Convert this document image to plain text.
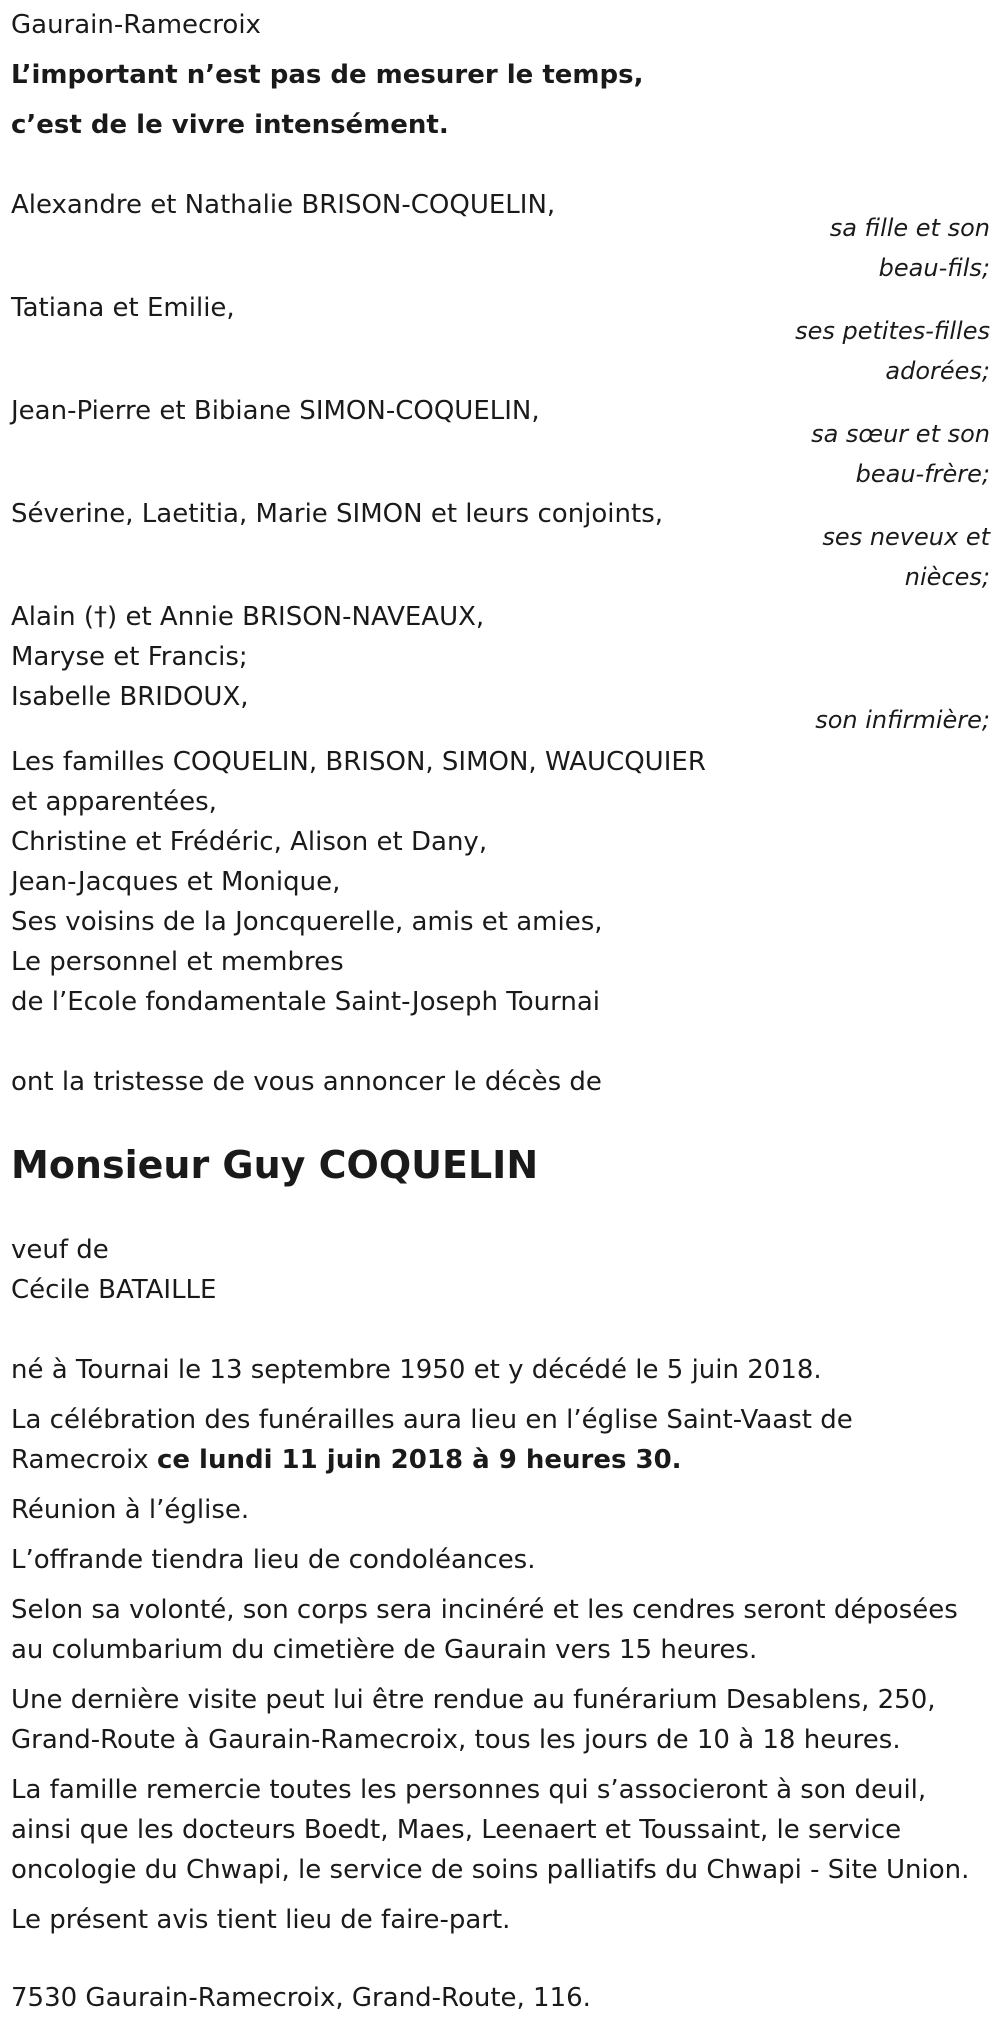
Gaurain-Ramecroix
L’important n’est pas de mesurer le temps,
c’est de le vivre intensément.
Alexandre et Nathalie BRISON-COQUELIN,
sa fille et son
beau-fils;
Tatiana et Emilie,
ses petites-filles
adorées;
Jean-Pierre et Bibiane SIMON-COQUELIN,
sa sœur et son
beau-frère;
Séverine, Laetitia, Marie SIMON et leurs conjoints,
ses neveux et
nièces;
Alain (†) et Annie BRISON-NAVEAUX,
Maryse et Francis;
Isabelle BRIDOUX,
son infirmière;
Les familles COQUELIN, BRISON, SIMON, WAUCQUIER
et apparentées,
Christine et Frédéric, Alison et Dany,
Jean-Jacques et Monique,
Ses voisins de la Joncquerelle, amis et amies,
Le personnel et membres
de l’Ecole fondamentale Saint-Joseph Tournai
ont la tristesse de vous annoncer le décès de
Monsieur Guy COQUELIN
veuf de
Cécile BATAILLE
né à Tournai le 13 septembre 1950 et y décédé le 5 juin 2018.
La célébration des funérailles aura lieu en l’église Saint-Vaast de
Ramecroix ce lundi 11 juin 2018 à 9 heures 30.
Réunion à l’église.
L’offrande tiendra lieu de condoléances.
Selon sa volonté, son corps sera incinéré et les cendres seront déposées
au columbarium du cimetière de Gaurain vers 15 heures.
Une dernière visite peut lui être rendue au funérarium Desablens, 250,
Grand-Route à Gaurain-Ramecroix, tous les jours de 10 à 18 heures.
La famille remercie toutes les personnes qui s’associeront à son deuil,
ainsi que les docteurs Boedt, Maes, Leenaert et Toussaint, le service
oncologie du Chwapi, le service de soins palliatifs du Chwapi - Site Union.
Le présent avis tient lieu de faire-part.
7530 Gaurain-Ramecroix, Grand-Route, 116.
